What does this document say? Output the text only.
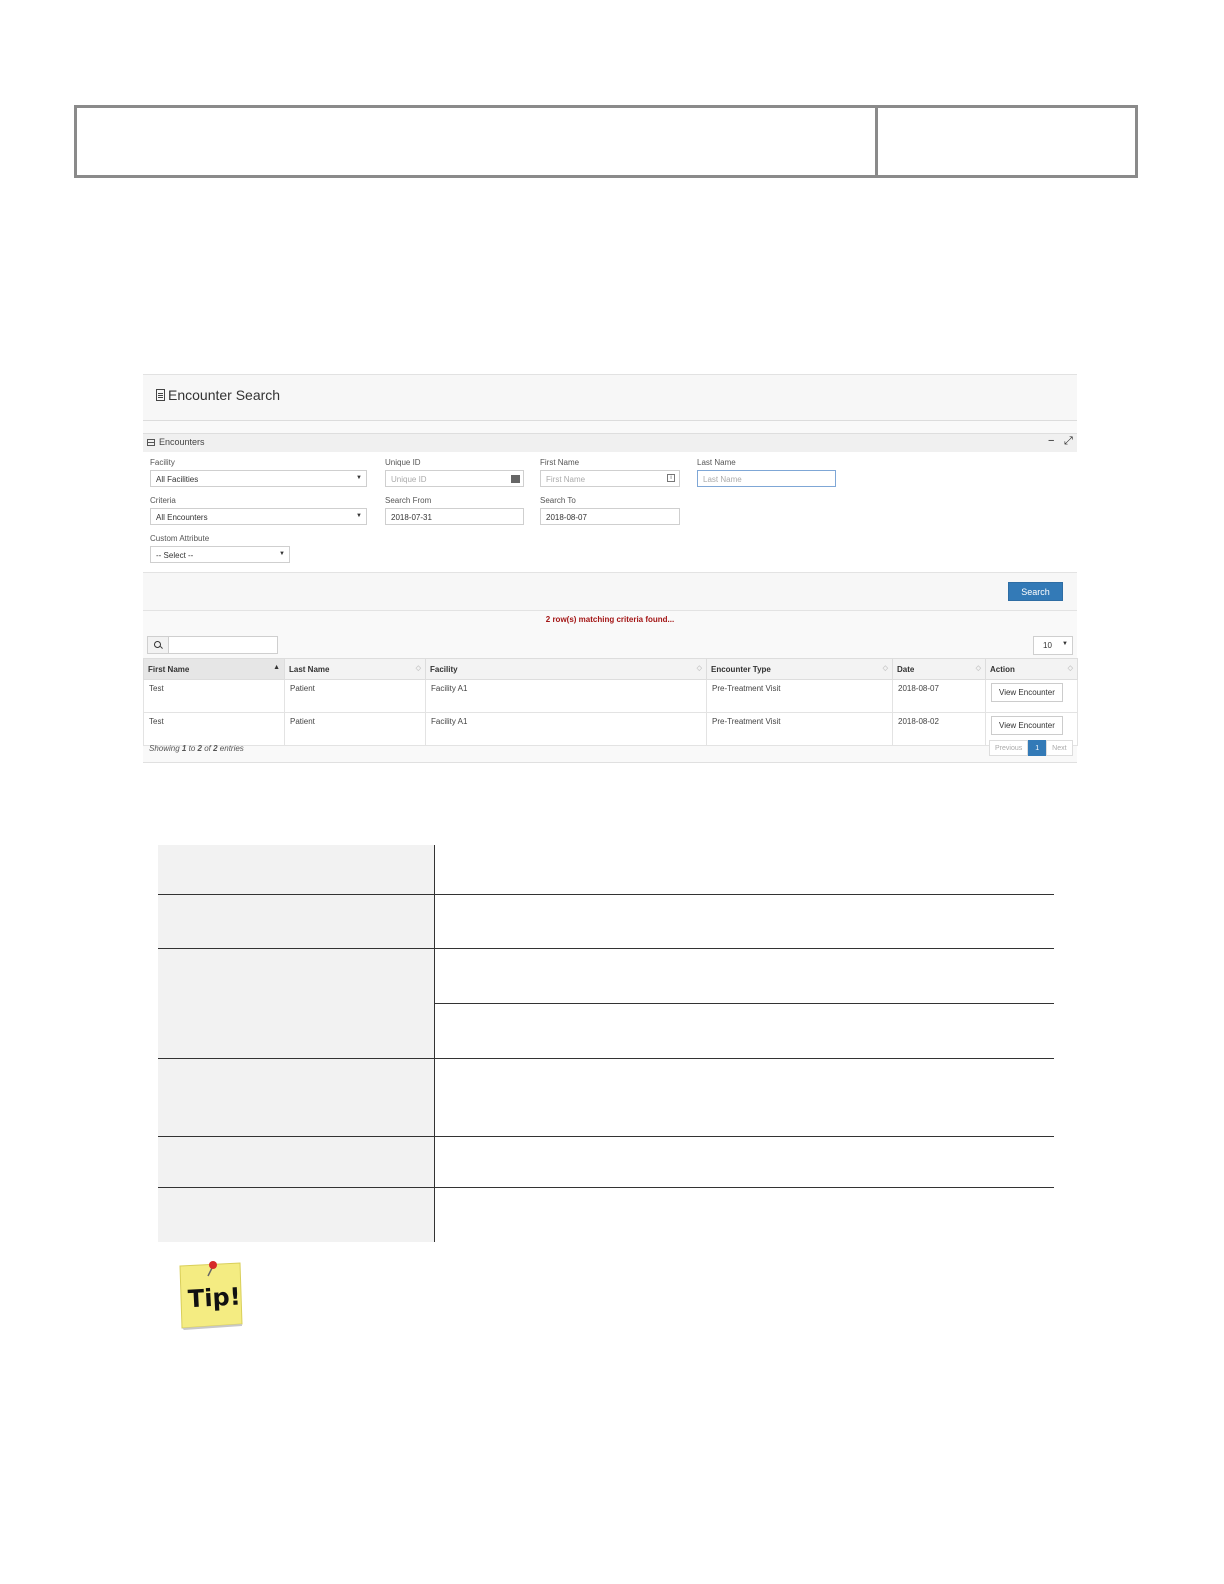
Encounter Search
Encounters	− ⤢
Facility	Unique ID	First Name	Last Name
All Facilities	▼	Unique ID	First Name	i	Last Name
Criteria	Search From	Search To
All Encounters	▼	2018-07-31	2018-08-07
Custom Attribute
-- Select --	▼
Search
2 row(s) matching criteria found...
10 ▼
First Name ▲	Last Name ◇	Facility ◇	Encounter Type ◇	Date ◇	Action ◇

Test	Patient	Facility A1	Pre-Treatment Visit	2018-08-07	View Encounter
Test	Patient	Facility A1	Pre-Treatment Visit	2018-08-02	View Encounter
Showing 1 to 2 of 2 entries	Previous	1	Next
Tip!
